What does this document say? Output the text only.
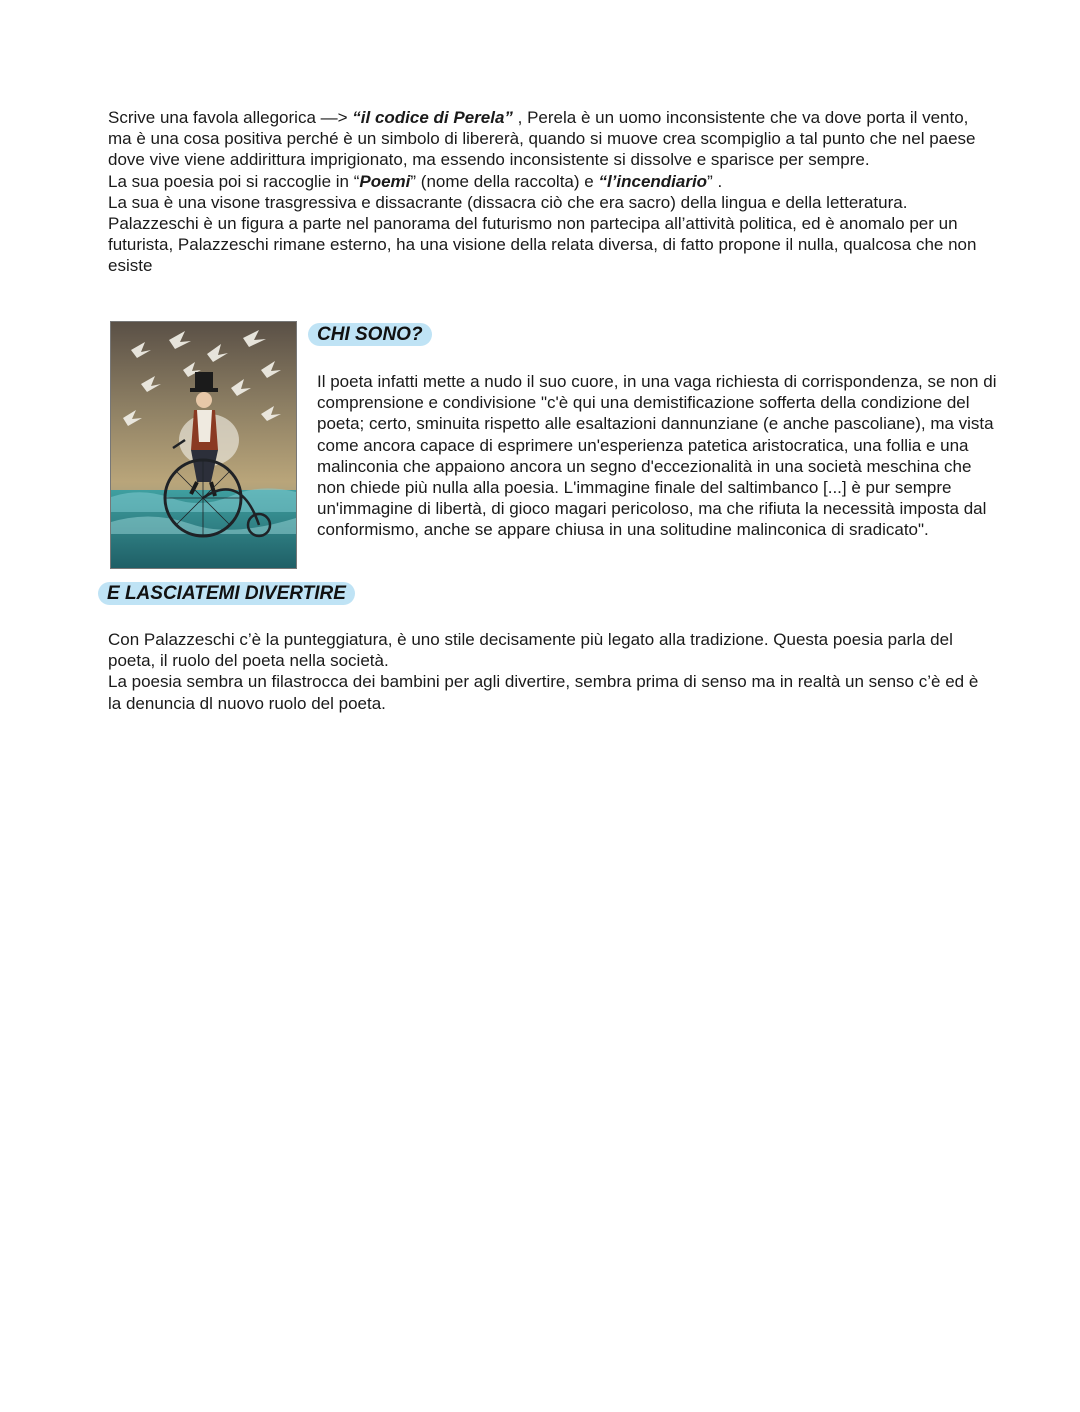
Scrive una favola allegorica —> “il codice di Perela” , Perela è un uomo inconsistente che va dove porta il vento, ma è una cosa positiva perché è un simbolo di libererà, quando si muove crea scompiglio a tal punto che nel paese dove vive viene addirittura imprigionato, ma essendo inconsistente si dissolve e sparisce per sempre.
La sua poesia poi si raccoglie in “Poemi” (nome della raccolta) e “l’incendiario” .
La sua è una visone trasgressiva e dissacrante (dissacra ciò che era sacro) della lingua e della letteratura.
Palazzeschi è un figura a parte nel panorama del futurismo non partecipa all’attività politica, ed è anomalo per un futurista, Palazzeschi rimane esterno, ha una visione della relata diversa, di fatto propone il nulla, qualcosa che non esiste

CHI SONO?

Il poeta infatti mette a nudo il suo cuore, in una vaga richiesta di corrispondenza, se non di comprensione e condivisione "c'è qui una demistificazione sofferta della condizione del poeta; certo, sminuita rispetto alle esaltazioni dannunziane (e anche pascoliane), ma vista come ancora capace di esprimere un'esperienza patetica aristocratica, una follia e una malinconia che appaiono ancora un segno d'eccezionalità in una società meschina che non chiede più nulla alla poesia. L'immagine finale del saltimbanco [...] è pur sempre un'immagine di libertà, di gioco magari pericoloso, ma che rifiuta la necessità imposta dal conformismo, anche se appare chiusa in una solitudine malinconica di sradicato".

E LASCIATEMI DIVERTIRE

Con Palazzeschi c’è la punteggiatura, è uno stile decisamente più legato alla tradizione. Questa poesia parla del poeta, il ruolo del poeta nella società.
La poesia sembra un filastrocca dei bambini per agli divertire, sembra prima di senso ma in realtà un senso c’è ed è la denuncia dl nuovo ruolo del poeta.
